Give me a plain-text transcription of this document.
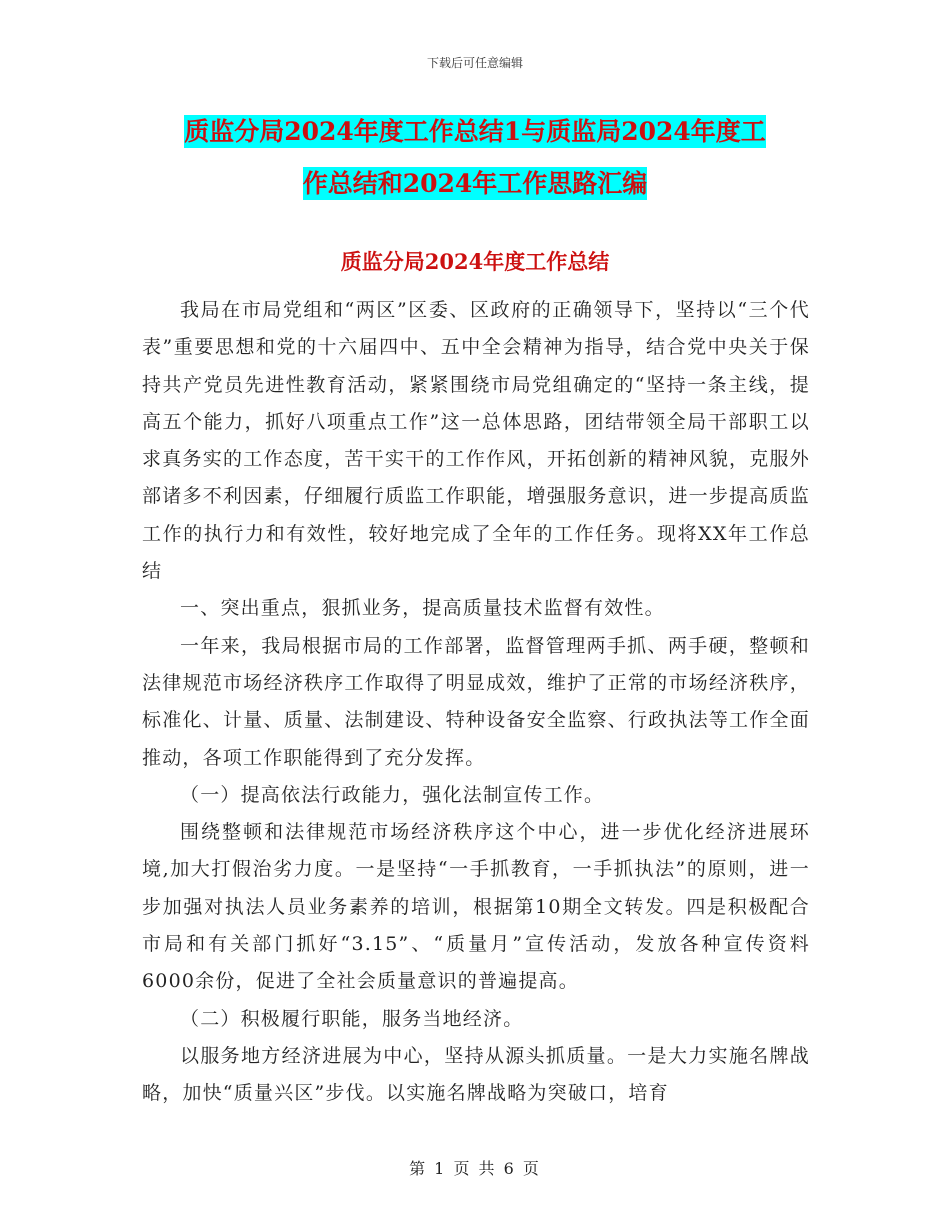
下载后可任意编辑
质监分局2024年度工作总结1与质监局2024年度工
作总结和2024年工作思路汇编
质监分局2024年度工作总结

我局在市局党组和“两区”区委、区政府的正确领导下，坚持以“三个代表”重要思想和党的十六届四中、五中全会精神为指导，结合党中央关于保持共产党员先进性教育活动，紧紧围绕市局党组确定的“坚持一条主线，提高五个能力，抓好八项重点工作”这一总体思路，团结带领全局干部职工以求真务实的工作态度，苦干实干的工作作风，开拓创新的精神风貌，克服外部诸多不利因素，仔细履行质监工作职能，增强服务意识，进一步提高质监工作的执行力和有效性，较好地完成了全年的工作任务。现将XX年工作总结

一、突出重点，狠抓业务，提高质量技术监督有效性。

一年来，我局根据市局的工作部署，监督管理两手抓、两手硬，整顿和法律规范市场经济秩序工作取得了明显成效，维护了正常的市场经济秩序，标准化、计量、质量、法制建设、特种设备安全监察、行政执法等工作全面推动，各项工作职能得到了充分发挥。

（一）提高依法行政能力，强化法制宣传工作。

围绕整顿和法律规范市场经济秩序这个中心，进一步优化经济进展环境,加大打假治劣力度。一是坚持“一手抓教育，一手抓执法”的原则，进一步加强对执法人员业务素养的培训，根据第10期全文转发。四是积极配合市局和有关部门抓好“3.15”、“质量月”宣传活动，发放各种宣传资料6000余份，促进了全社会质量意识的普遍提高。

（二）积极履行职能，服务当地经济。

以服务地方经济进展为中心，坚持从源头抓质量。一是大力实施名牌战略，加快“质量兴区”步伐。以实施名牌战略为突破口，培育

第 1 页 共 6 页
